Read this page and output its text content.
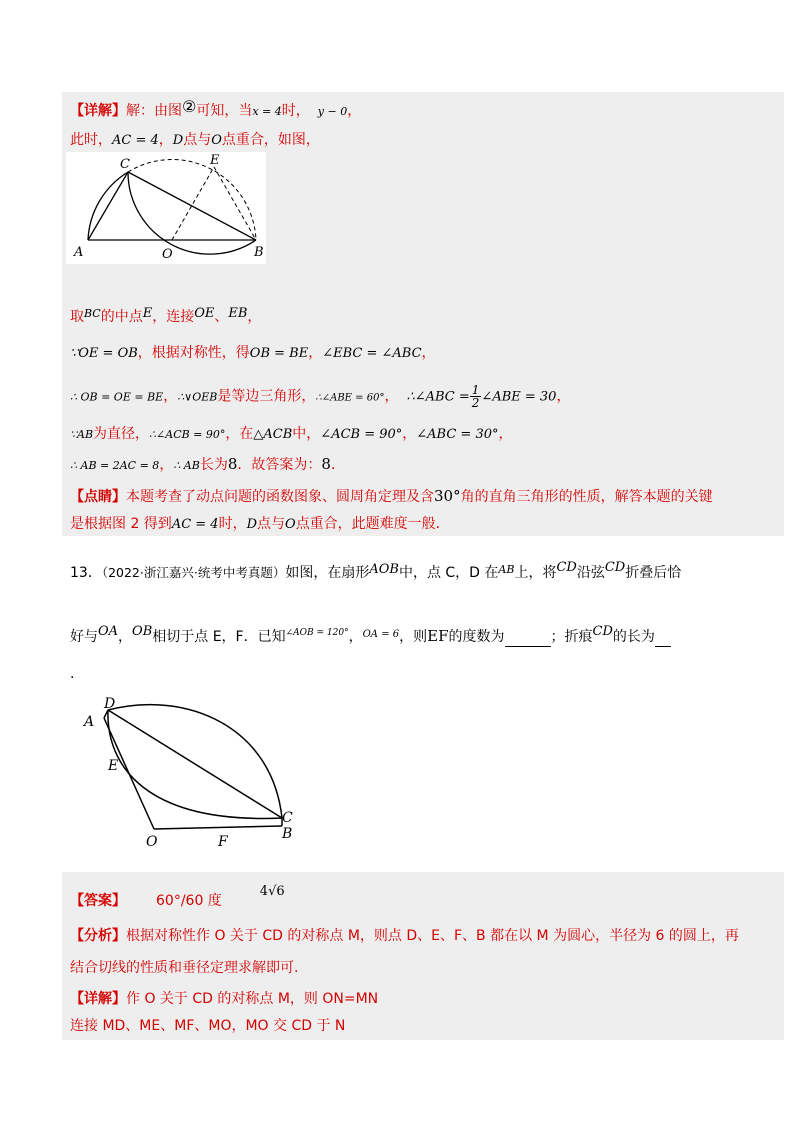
【详解】解：由图②可知，当x = 4时， y − 0，
此时，AC = 4，D点与O点重合，如图，
C	E
A	O	B
取$^{BC}$的中点E，连接OE、EB，
∵OE = OB，根据对称性，得OB = BE，∠EBC = ∠ABC，
∴ OB = OE = BE，∴∨OEB是等边三角形，∴∠ABE = 60°， ∴∠ABC = $\frac{1}{2}$ ∠ABE = 30，
∵AB为直径，∴∠ACB = 90°，在△ACB中，∠ACB = 90°，∠ABC = 30°，
∴ AB = 2AC = 8，∴ AB长为8．故答案为：8．
【点睛】本题考查了动点问题的函数图象、圆周角定理及含30°角的直角三角形的性质，解答本题的关键
是根据图 2 得到AC = 4时，D点与O点重合，此题难度一般．
13．（2022·浙江嘉兴·统考中考真题）如图，在扇形AOB中，点 C，D 在$^{AB}$上，将CD沿弦CD折叠后恰
好与OA，OB相切于点 E，F．已知$^{\angle AOB = 120^\circ}$，$^{OA = 6}$，则EF的度数为	；折痕CD的长为
.
D
A
E
O	F
C
B
【答案】 60°/60 度4√6
【分析】根据对称性作 O 关于 CD 的对称点 M，则点 D、E、F、B 都在以 M 为圆心，半径为 6 的圆上，再
结合切线的性质和垂径定理求解即可.
【详解】作 O 关于 CD 的对称点 M，则 ON=MN
连接 MD、ME、MF、MO，MO 交 CD 于 N
